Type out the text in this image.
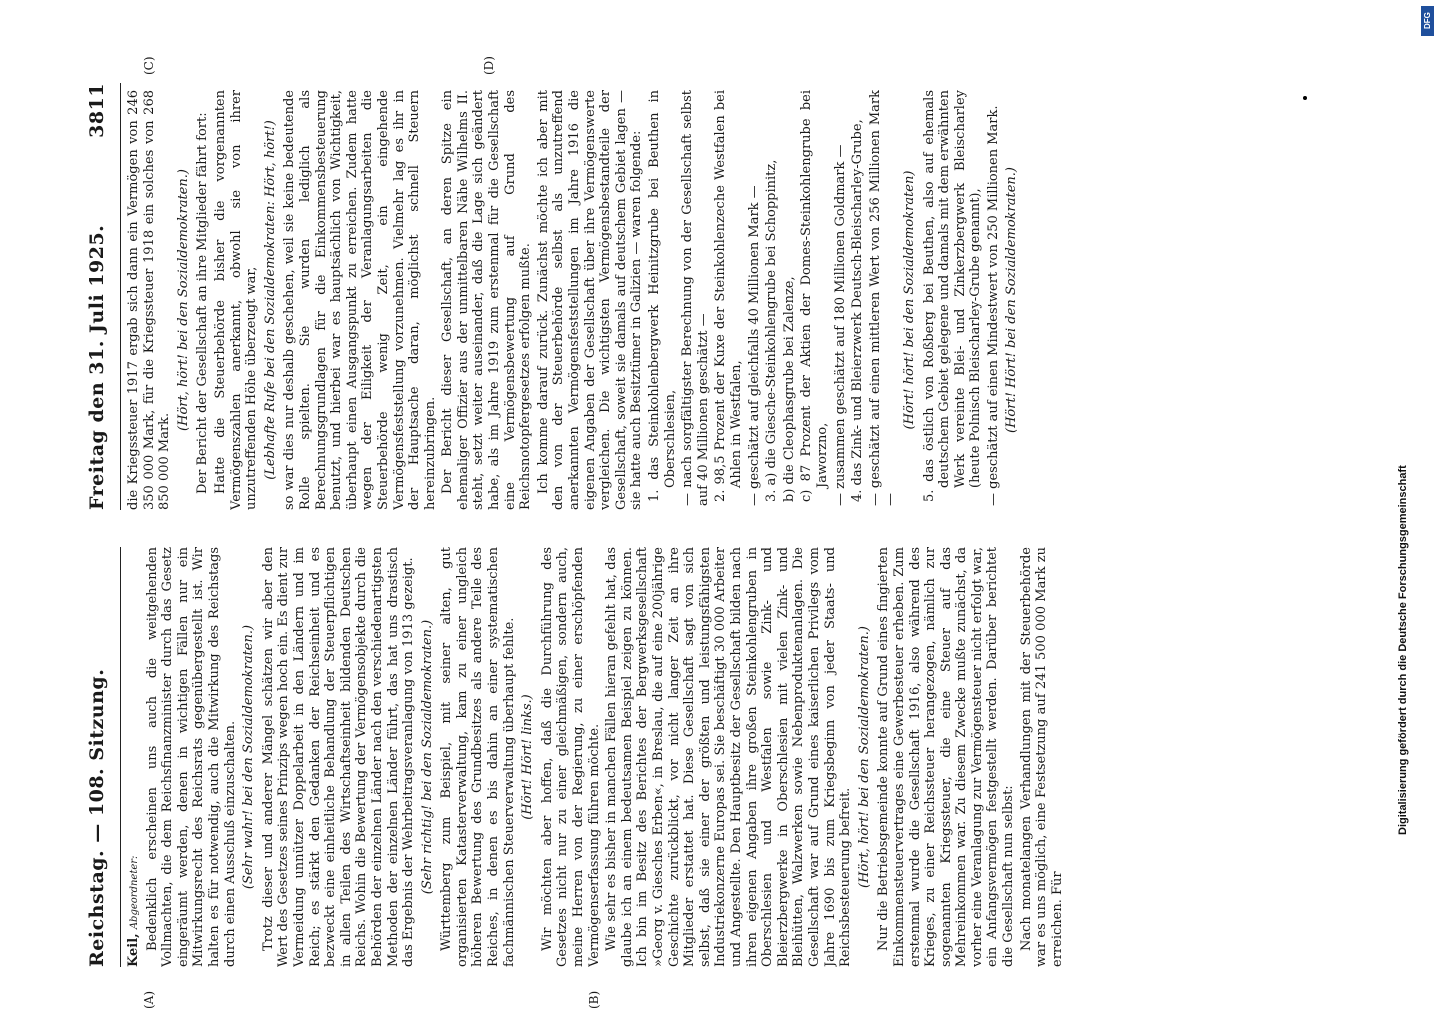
Reichstag. — 108. Sitzung.
Freitag den 31. Juli 1925.
3811
(A)	(B)
(C)	(D)

Keil, Abgeordneter: Bedenklich erscheinen uns auch die weitgehenden Vollmachten, die dem Reichsfinanzminister durch das Gesetz eingeräumt werden, denen in wichtigen Fällen nur ein Mitwirkungsrecht des Reichsrats gegenübergestellt ist. Wir halten es für notwendig, auch die Mitwirkung des Reichstags durch einen Ausschuß einzuschalten. (Sehr wahr! bei den Sozialdemokraten.) Trotz dieser und anderer Mängel schätzen wir aber den Wert des Gesetzes seines Prinzips wegen hoch ein. Es dient zur Vermeidung unnützer Doppelarbeit in den Ländern und im Reich; es stärkt den Gedanken der Reichseinheit und es bezweckt eine einheitliche Behandlung der Steuerpflichtigen in allen Teilen des Wirtschaftseinheit bildenden Deutschen Reichs. Wohin die Bewertung der Vermögensobjekte durch die Behörden der einzelnen Länder nach den verschiedenartigsten Methoden der einzelnen Länder führt, das hat uns drastisch das Ergebnis der Wehrbeitragsveranlagung von 1913 gezeigt. (Sehr richtig! bei den Sozialdemokraten.) Württemberg zum Beispiel, mit seiner alten, gut organisierten Katasterverwaltung, kam zu einer ungleich höheren Bewertung des Grundbesitzes als andere Teile des Reiches, in denen es bis dahin an einer systematischen fachmännischen Steuerverwaltung überhaupt fehlte. (Hört! Hört! links.) Wir möchten aber hoffen, daß die Durchführung des Gesetzes nicht nur zu einer gleichmäßigen, sondern auch, meine Herren von der Regierung, zu einer erschöpfenden Vermögenserfassung führen möchte. Wie sehr es bisher in manchen Fällen hieran gefehlt hat, das glaube ich an einem bedeutsamen Beispiel zeigen zu können. Ich bin im Besitz des Berichtes der Bergwerksgesellschaft »Georg v. Giesches Erben«, in Breslau, die auf eine 200jährige Geschichte zurückblickt, vor nicht langer Zeit an ihre Mitglieder erstattet hat. Diese Gesellschaft sagt von sich selbst, daß sie einer der größten und leistungsfähigsten Industriekonzerne Europas sei. Sie beschäftigt 30 000 Arbeiter und Angestellte. Den Hauptbesitz der Gesellschaft bilden nach ihren eigenen Angaben ihre großen Steinkohlengruben in Oberschlesien und Westfalen sowie Zink- und Bleierzbergwerke in Oberschlesien mit vielen Zink- und Bleihütten, Walzwerken sowie Nebenproduktenanlagen. Die Gesellschaft war auf Grund eines kaiserlichen Privilegs vom Jahre 1690 bis zum Kriegsbeginn von jeder Staats- und Reichsbesteuerung befreit. (Hört, hört! bei den Sozialdemokraten.) Nur die Betriebsgemeinde konnte auf Grund eines fingierten Einkommensteuervertrages eine Gewerbesteuer erheben. Zum erstenmal wurde die Gesellschaft 1916, also während des Krieges, zu einer Reichssteuer herangezogen, nämlich zur sogenannten Kriegssteuer, die eine Steuer auf das Mehreinkommen war. Zu diesem Zwecke mußte zunächst, da vorher eine Veranlagung zur Vermögensteuer nicht erfolgt war, ein Anfangsvermögen festgestellt werden. Darüber berichtet die Gesellschaft nun selbst: Nach monatelangen Verhandlungen mit der Steuerbehörde war es uns möglich, eine Festsetzung auf 241 500 000 Mark zu erreichen. Für

die Kriegssteuer 1917 ergab sich dann ein Vermögen von 246 350 000 Mark, für die Kriegssteuer 1918 ein solches von 268 850 000 Mark.

(Hört, hört! bei den Sozialdemokraten.) Der Bericht der Gesellschaft an ihre Mitglieder fährt fort: Hatte die Steuerbehörde bisher die vorgenannten Vermögenszahlen anerkannt, obwohl sie von ihrer unzutreffenden Höhe überzeugt war, (Lebhafte Rufe bei den Sozialdemokraten: Hört, hört!) so war dies nur deshalb geschehen, weil sie keine bedeutende Rolle spielten. Sie wurden lediglich als Berechnungsgrundlagen für die Einkommensbesteuerung benutzt, und hierbei war es hauptsächlich von Wichtigkeit, überhaupt einen Ausgangspunkt zu erreichen. Zudem hatte wegen der Eiligkeit der Veranlagungsarbeiten die Steuerbehörde wenig Zeit, ein eingehende Vermögensfeststellung vorzunehmen. Vielmehr lag es ihr in der Hauptsache daran, möglichst schnell Steuern hereinzubringen. Der Bericht dieser Gesellschaft, an deren Spitze ein ehemaliger Offizier aus der unmittelbaren Nähe Wilhelms II. steht, setzt weiter auseinander, daß die Lage sich geändert habe, als im Jahre 1919 zum erstenmal für die Gesellschaft eine Vermögensbewertung auf Grund des Reichsnotopfergesetzes erfolgen mußte. Ich komme darauf zurück. Zunächst möchte ich aber mit den von der Steuerbehörde selbst als unzutreffend anerkannten Vermögensfeststellungen im Jahre 1916 die eigenen Angaben der Gesellschaft über ihre Vermögenswerte vergleichen. Die wichtigsten Vermögensbestandteile der Gesellschaft, soweit sie damals auf deutschem Gebiet lagen — sie hatte auch Besitztümer in Galizien — waren folgende: 1. das Steinkohlenbergwerk Heinitzgrube bei Beuthen in Oberschlesien, — nach sorgfältigster Berechnung von der Gesellschaft selbst auf 40 Millionen geschätzt — 2. 98,5 Prozent der Kuxe der Steinkohlenzeche Westfalen bei Ahlen in Westfalen, — geschätzt auf gleichfalls 40 Millionen Mark — 3. a) die Giesche-Steinkohlengrube bei Schoppinitz, b) die Cleophasgrube bei Zalenze, c) 87 Prozent der Aktien der Domes-Steinkohlengrube bei Jaworzno, — zusammen geschätzt auf 180 Millionen Goldmark — 4. das Zink- und Bleierzwerk Deutsch-Bleischarley-Grube, — geschätzt auf einen mittleren Wert von 256 Millionen Mark —

(Hört! hört! bei den Sozialdemokraten) 5. das östlich von Roßberg bei Beuthen, also auf ehemals deutschem Gebiet gelegene und damals mit dem erwähnten Werk vereinte Blei- und Zinkerzbergwerk Bleischarley (heute Polnisch Bleischarley-Grube genannt), — geschätzt auf einen Mindestwert von 250 Millionen Mark. (Hört! Hört! bei den Sozialdemokraten.)

DFG
Digitalisierung gefördert durch die Deutsche Forschungsgemeinschaft
